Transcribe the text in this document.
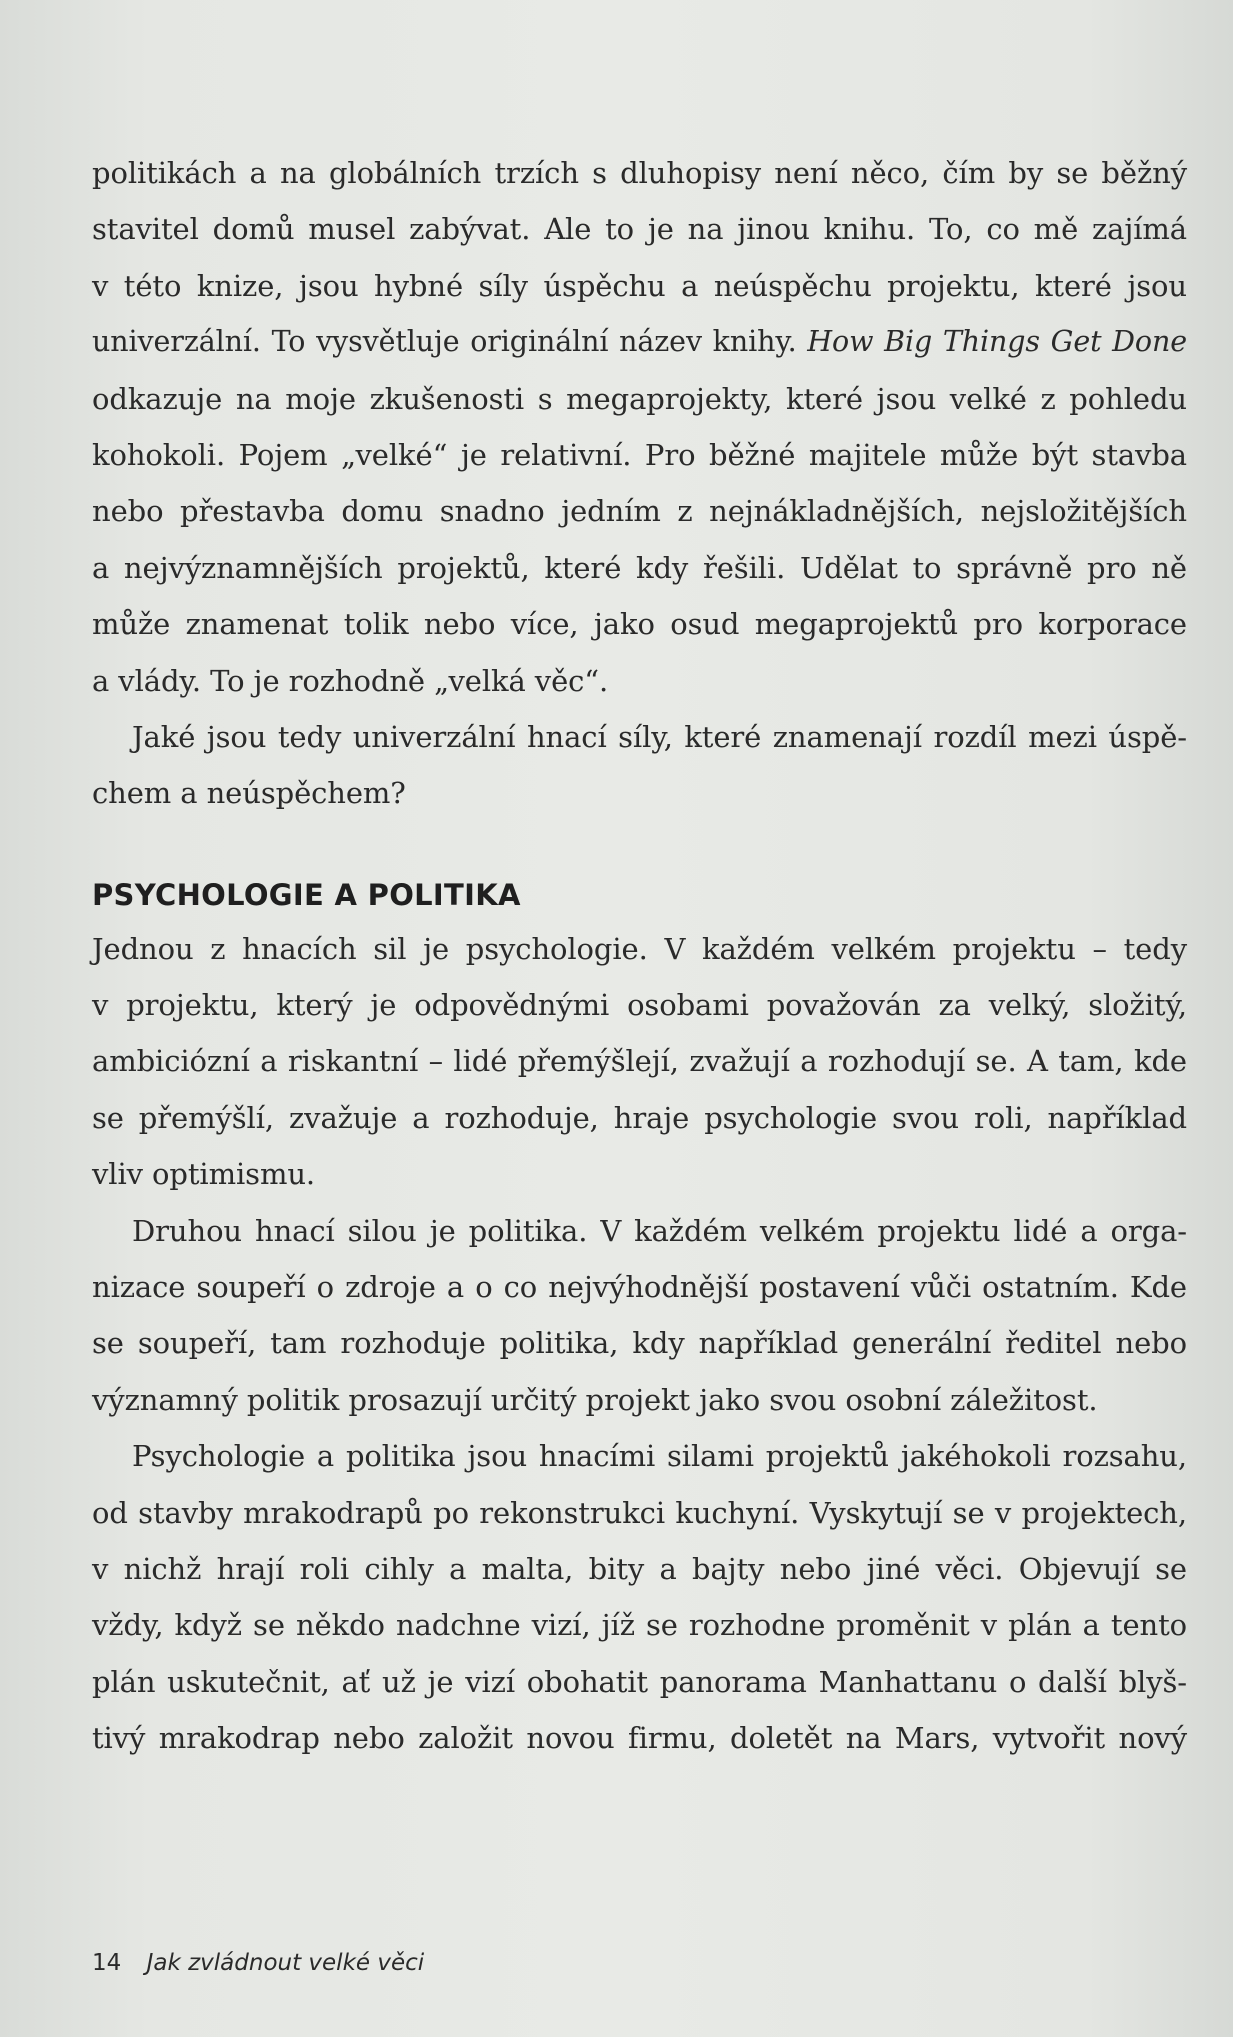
politikách a na globálních trzích s dluhopisy není něco, čím by se běžný
stavitel domů musel zabývat. Ale to je na jinou knihu. To, co mě zajímá
v této knize, jsou hybné síly úspěchu a neúspěchu projektu, které jsou
univerzální. To vysvětluje originální název knihy. How Big Things Get Done
odkazuje na moje zkušenosti s megaprojekty, které jsou velké z pohledu
kohokoli. Pojem „velké“ je relativní. Pro běžné majitele může být stavba
nebo přestavba domu snadno jedním z nejnákladnějších, nejsložitějších
a nejvýznamnějších projektů, které kdy řešili. Udělat to správně pro ně
může znamenat tolik nebo více, jako osud megaprojektů pro korporace
a vlády. To je rozhodně „velká věc“.
Jaké jsou tedy univerzální hnací síly, které znamenají rozdíl mezi úspě-
chem a neúspěchem?
PSYCHOLOGIE A POLITIKA
Jednou z hnacích sil je psychologie. V každém velkém projektu – tedy
v projektu, který je odpovědnými osobami považován za velký, složitý,
ambiciózní a riskantní – lidé přemýšlejí, zvažují a rozhodují se. A tam, kde
se přemýšlí, zvažuje a rozhoduje, hraje psychologie svou roli, například
vliv optimismu.
Druhou hnací silou je politika. V každém velkém projektu lidé a orga-
nizace soupeří o zdroje a o co nejvýhodnější postavení vůči ostatním. Kde
se soupeří, tam rozhoduje politika, kdy například generální ředitel nebo
významný politik prosazují určitý projekt jako svou osobní záležitost.
Psychologie a politika jsou hnacími silami projektů jakéhokoli rozsahu,
od stavby mrakodrapů po rekonstrukci kuchyní. Vyskytují se v projektech,
v nichž hrají roli cihly a malta, bity a bajty nebo jiné věci. Objevují se
vždy, když se někdo nadchne vizí, jíž se rozhodne proměnit v plán a tento
plán uskutečnit, ať už je vizí obohatit panorama Manhattanu o další blyš-
tivý mrakodrap nebo založit novou firmu, doletět na Mars, vytvořit nový
14 Jak zvládnout velké věci
